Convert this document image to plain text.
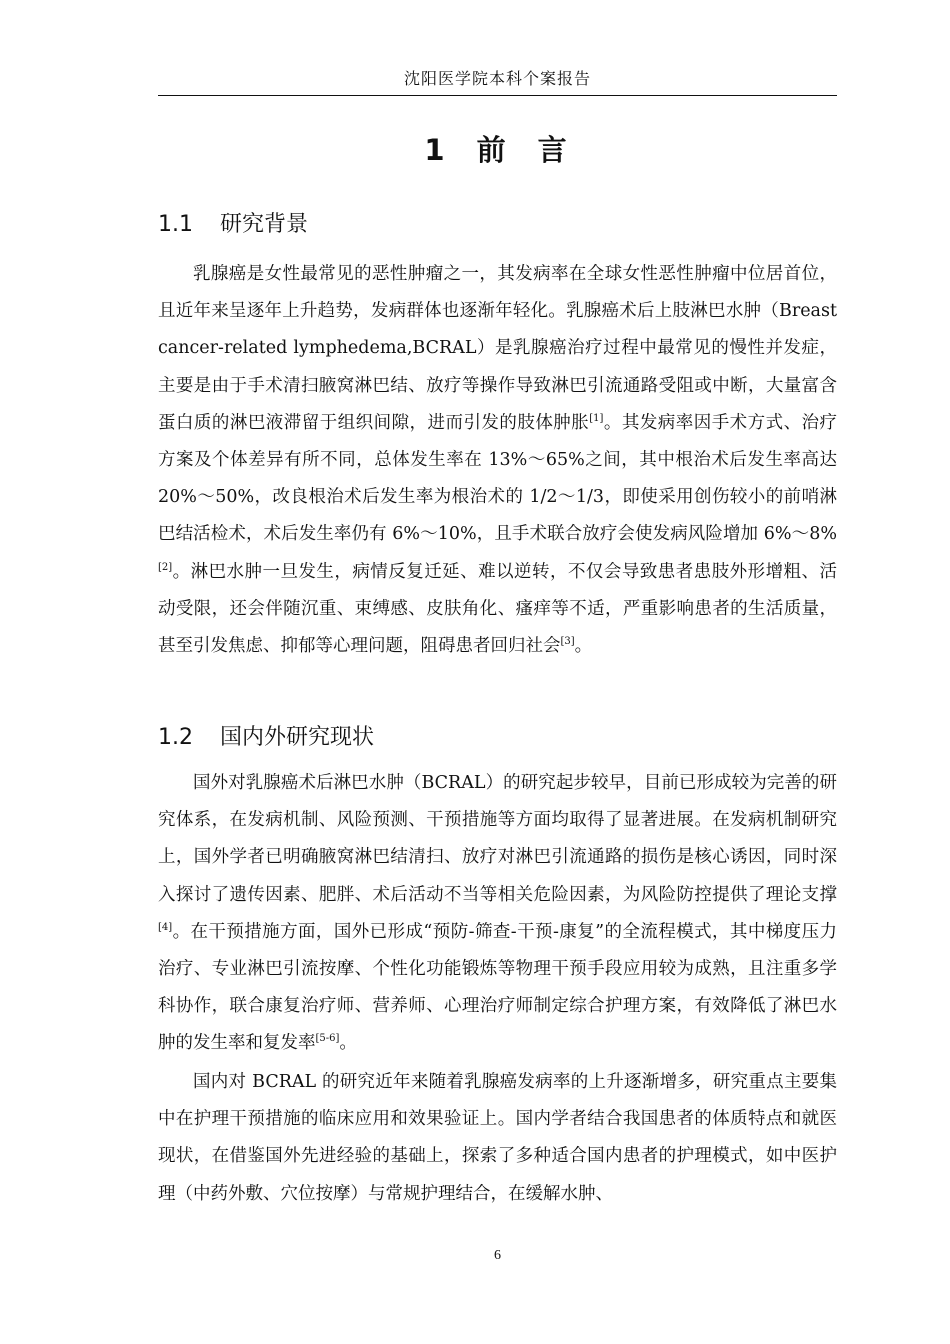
沈阳医学院本科个案报告
1 前 言
1.1 研究背景

乳腺癌是女性最常见的恶性肿瘤之一，其发病率在全球女性恶性肿瘤中位居首位，且近年来呈逐年上升趋势，发病群体也逐渐年轻化。乳腺癌术后上肢淋巴水肿（Breast cancer-related lymphedema,BCRAL）是乳腺癌治疗过程中最常见的慢性并发症，主要是由于手术清扫腋窝淋巴结、放疗等操作导致淋巴引流通路受阻或中断，大量富含蛋白质的淋巴液滞留于组织间隙，进而引发的肢体肿胀[1]。其发病率因手术方式、治疗方案及个体差异有所不同，总体发生率在 13%～65%之间，其中根治术后发生率高达 20%～50%，改良根治术后发生率为根治术的 1/2～1/3，即使采用创伤较小的前哨淋巴结活检术，术后发生率仍有 6%～10%，且手术联合放疗会使发病风险增加 6%～8%[2]。淋巴水肿一旦发生，病情反复迁延、难以逆转，不仅会导致患者患肢外形增粗、活动受限，还会伴随沉重、束缚感、皮肤角化、瘙痒等不适，严重影响患者的生活质量，甚至引发焦虑、抑郁等心理问题，阻碍患者回归社会[3]。

1.2 国内外研究现状

国外对乳腺癌术后淋巴水肿（BCRAL）的研究起步较早，目前已形成较为完善的研究体系，在发病机制、风险预测、干预措施等方面均取得了显著进展。在发病机制研究上，国外学者已明确腋窝淋巴结清扫、放疗对淋巴引流通路的损伤是核心诱因，同时深入探讨了遗传因素、肥胖、术后活动不当等相关危险因素，为风险防控提供了理论支撑[4]。在干预措施方面，国外已形成“预防-筛查-干预-康复”的全流程模式，其中梯度压力治疗、专业淋巴引流按摩、个性化功能锻炼等物理干预手段应用较为成熟，且注重多学科协作，联合康复治疗师、营养师、心理治疗师制定综合护理方案，有效降低了淋巴水肿的发生率和复发率[5-6]。

国内对 BCRAL 的研究近年来随着乳腺癌发病率的上升逐渐增多，研究重点主要集中在护理干预措施的临床应用和效果验证上。国内学者结合我国患者的体质特点和就医现状，在借鉴国外先进经验的基础上，探索了多种适合国内患者的护理模式，如中医护理（中药外敷、穴位按摩）与常规护理结合，在缓解水肿、

6
